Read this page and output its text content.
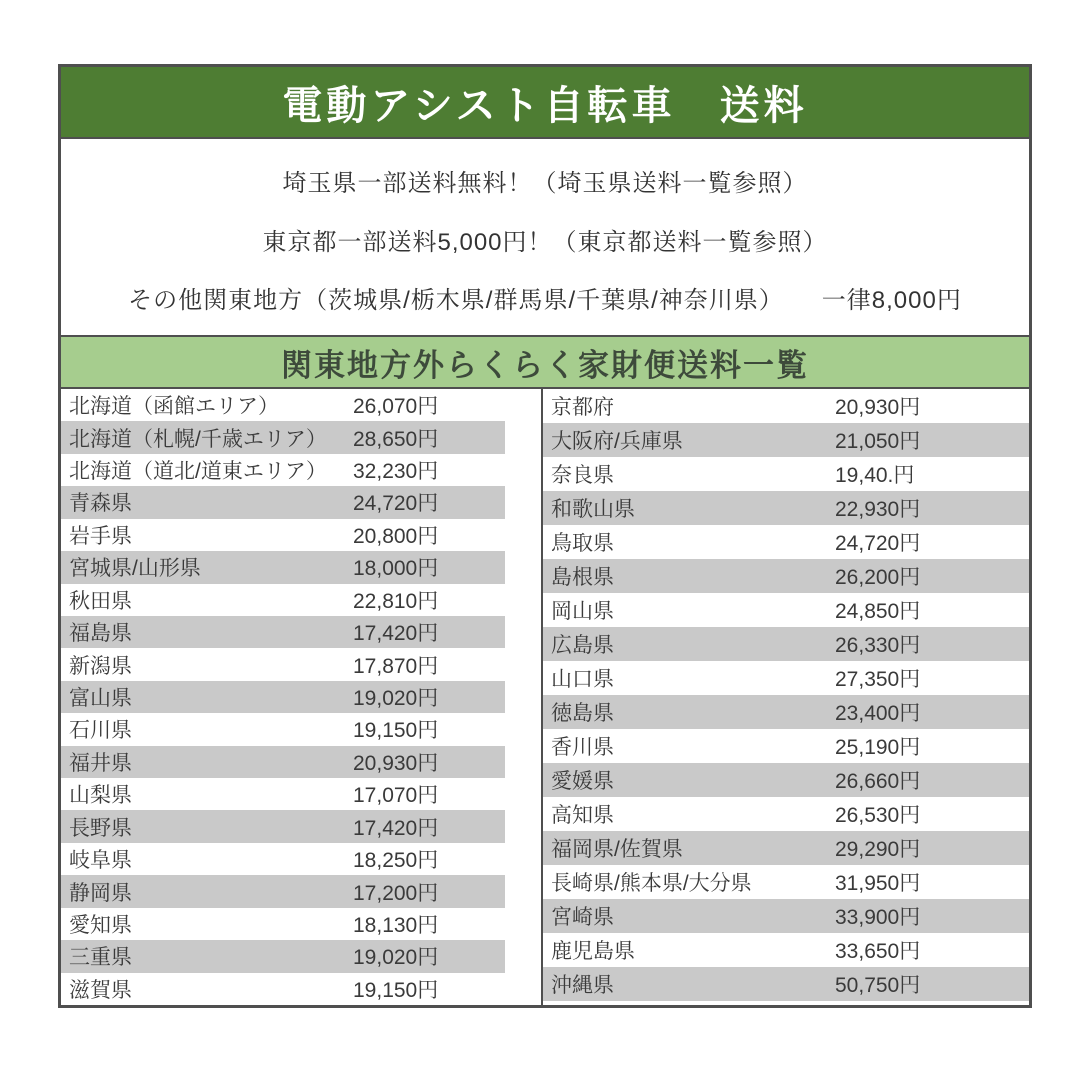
電動アシスト自転車　送料
埼玉県一部送料無料！（埼玉県送料一覧参照）
東京都一部送料5,000円！（東京都送料一覧参照）
その他関東地方（茨城県/栃木県/群馬県/千葉県/神奈川県）　　一律8,000円
関東地方外らくらく家財便送料一覧
北海道（函館エリア）	26,070円
北海道（札幌/千歳エリア） 28,650円
北海道（道北/道東エリア） 32,230円
青森県	24,720円
岩手県	20,800円
宮城県/山形県	18,000円
秋田県	22,810円
福島県	17,420円
新潟県	17,870円
富山県	19,020円
石川県	19,150円
福井県	20,930円
山梨県	17,070円
長野県	17,420円
岐阜県	18,250円
静岡県	17,200円
愛知県	18,130円
三重県	19,020円
滋賀県	19,150円
京都府	20,930円
大阪府/兵庫県	21,050円
奈良県	19,40.円
和歌山県	22,930円
鳥取県	24,720円
島根県	26,200円
岡山県	24,850円
広島県	26,330円
山口県	27,350円
徳島県	23,400円
香川県	25,190円
愛媛県	26,660円
高知県	26,530円
福岡県/佐賀県	29,290円
長崎県/熊本県/大分県	31,950円
宮崎県	33,900円
鹿児島県	33,650円
沖縄県	50,750円
